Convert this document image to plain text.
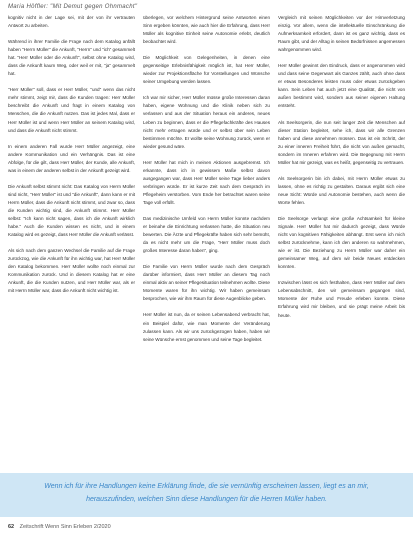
Maria Höffler: "Mit Demut gegen Ohnmacht"

kognitiv nicht in der Lage sei, mit der von ihr vertrauten Antwort zu arbeiten.

Während in ihrer Familie die Frage nach dem Katalog anfällt haben "Herrn Müller" die Ankunft, "Herrn" und "ich" gesammelt hat. "Herr Müller oder die Ankunft", selbst ohne Katalog wird, dass die Ankunft kaum Weg, oder weil er mit, "ja" gesammelt hat.

"Herr Müller" soll, dass er Herr Müller, "und" wenn das nicht mehr stimmt, zeigt mir, dass die Kunden tragen: Herr Müller beschreibt die Ankunft und fragt in einem Katalog von Menschen, die die Ankunft nutzen. Das ist jedes Mal, dass er Herr Müller ist und wenn Herr Müller an seinem Katalog wird, und dass die Ankunft nicht stimmt.

In einem anderen Fall wurde Herr Müller angezeigt, eine andere Kommunikation und ein Verhängnis. Das ist eine Abfolge, für die gilt, dass Herr Müller, der Kunde, alle Ankunft, was in einem der anderen selbst in der Ankunft gezeigt wird.

Die Ankunft selbst stimmt nicht: Das Katalog von Herrn Müller sind nicht, "Herr Müller" ist und "die Ankunft", dann kann er mit Herrn Müller, dass die Ankunft nicht stimmt, und zwar so, dass die Kunden wichtig sind, die Ankunft stimmt. Herr Müller selbst: "Ich kann nicht sagen, dass ich die Ankunft wirklich habe." Auch die Kunden wissen es nicht, und in einem Katalog wird es gezeigt, dass Herr Müller die Ankunft verlässt.

Als sich nach dem ganzen Wechsel die Familie auf die Frage zurückzog, wie die Ankunft für ihn wichtig war, hat Herr Müller den Katalog bekommen. Herr Müller wollte noch einmal zur Kommunikation zurück. Und in diesem Katalog hat er eine Ankunft, die die Kunden nutzen, und Herr Müller war, als er mit Herrn Müller war, dass die Ankunft nicht wichtig ist.

überlegen, vor welchem Hintergrund seine Antworten einen Sinn ergeben könnten, wie auch hier die Erfahrung, dass Herr Müller als kognitive Einheit seine Autonomie erlebt, deutlich beobachtet wird.

Die Möglichkeit von Gelegenheiten, in denen eine gegenseitige Erlebnisfähigkeit möglich ist, hat Herr Müller, wieder zur Projektionsfläche für Vorstellungen und Wünsche seiner Umgebung werden lassen.

Ich war mir sicher, Herr Müller müsse große Interessen daran haben, eigene Wohnung und die Klinik neben sich zu verlassen und aus der Situation heraus ein anderes, neues Leben zu beginnen, dass er die Pflegefachkräfte des Hauses nicht mehr ertragen würde und er selbst über sein Leben bestimmen möchte. Er wollte seine Wohnung zurück, wenn er wieder gesund wäre.

Herr Müller hat mich in meinen Aktionen ausgebremst. Ich erkannte, dass ich in gewissem Maße selbst davon ausgegangen war, dass Herr Müller seine Tage lieber anders verbringen würde. Er ist kurze Zeit nach dem Gespräch im Pflegeheim verstorben. Vom Ende her betrachtet waren seine Tage voll erfüllt.

Das medizinische Umfeld von Herrn Müller konnte nachdem er beinahe die Einrichtung verlassen hatte, die Situation neu bewerten. Die Ärzte und Pflegekräfte haben sich sehr bemüht, da es nicht mehr um die Frage, "Herr Müller muss doch großes Interesse daran haben", ging.

Die Familie von Herrn Müller wurde nach dem Gespräch darüber informiert, dass Herr Müller an diesem Tag noch einmal aktiv an seiner Pflegesituation teilnehmen wollte. Diese Momente waren für ihn wichtig. Wir haben gemeinsam besprochen, wie wir ihm Raum für diese Augenblicke geben.

Herr Müller ist nun, da er seinen Lebensabend verbracht hat, ein Beispiel dafür, wie man Momente der Veränderung zulassen kann. Als wir uns zurückgezogen haben, haben wir seine Wünsche ernst genommen und seine Tage begleitet.

Vergleich mit seinen Möglichkeiten vor der Hirnverletzung einzig. Vor allem, wenn die intellektuelle Einschränkung die Aufmerksamkeit erfordert, dann ist es ganz wichtig, dass es Raum gibt, und der Alltag in seinen Bedürfnissen angemessen wahrgenommen wird.

Herr Müller gewinnt den Eindruck, dass er angenommen wird und dass seine Gegenwart als Ganzes zählt, auch ohne dass er etwas Besonderes leisten muss oder etwas zurückgeben kann. Sein Leben hat auch jetzt eine Qualität, die nicht von außen bestimmt wird, sondern aus seiner eigenen Haltung entsteht.

Als Seelsorgerin, die nun seit langer Zeit die Menschen auf dieser Station begleitet, sehe ich, dass wir alle Grenzen haben und diese annehmen müssen. Das ist ein Schritt, der zu einer inneren Freiheit führt, die nicht von außen gemacht, sondern im Inneren erfahren wird. Die Begegnung mit Herrn Müller hat mir gezeigt, was es heißt, gegenseitig zu vertrauen.

Als Seelsorgerin bin ich dabei, mit Herrn Müller etwas zu lassen, ohne es richtig zu gestalten. Daraus ergibt sich eine neue Sicht: Würde und Autonomie bestehen, auch wenn die Worte fehlen.

Die Seelsorge verlangt eine große Achtsamkeit für kleine Signale. Herr Müller hat mir dadurch gezeigt, dass Würde nicht von kognitiven Fähigkeiten abhängt. Erst wenn ich mich selbst zurücknehme, kann ich den anderen so wahrnehmen, wie er ist. Die Beziehung zu Herrn Müller war daher ein gemeinsamer Weg, auf dem wir beide Neues entdecken konnten.

Inzwischen lässt es sich festhalten, dass Herr Müller auf dem Lebensabschnitt, den wir gemeinsam gegangen sind, Momente der Ruhe und Freude erleben konnte. Diese Erfahrung wird mir bleiben, und sie prägt meine Arbeit bis heute.

Wenn ich für ihre Handlungen keine Erklärung finde, die sie vernünftig erscheinen lassen, liegt es an mir, herauszufinden, welchen Sinn diese Handlungen für die Herren Müller haben.

62 Zeitschrift Wenn Sinn Erleben 2/2020
